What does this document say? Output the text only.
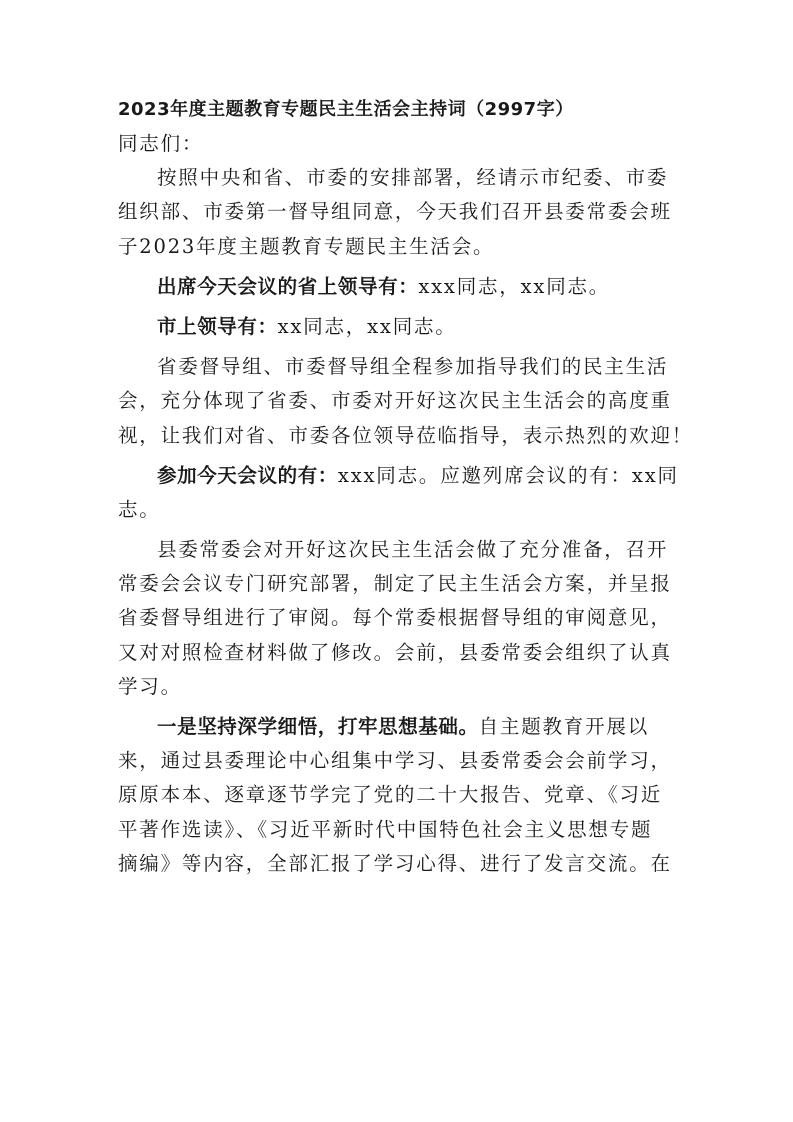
2023年度主题教育专题民主生活会主持词（2997字）
同志们：
按照中央和省、市委的安排部署，经请示市纪委、市委
组织部、市委第一督导组同意，今天我们召开县委常委会班
子2023年度主题教育专题民主生活会。
出席今天会议的省上领导有：xxx同志，xx同志。
市上领导有：xx同志，xx同志。
省委督导组、市委督导组全程参加指导我们的民主生活
会，充分体现了省委、市委对开好这次民主生活会的高度重
视，让我们对省、市委各位领导莅临指导，表示热烈的欢迎！
参加今天会议的有：xxx同志。应邀列席会议的有：xx同
志。
县委常委会对开好这次民主生活会做了充分准备，召开
常委会会议专门研究部署，制定了民主生活会方案，并呈报
省委督导组进行了审阅。每个常委根据督导组的审阅意见，
又对对照检查材料做了修改。会前，县委常委会组织了认真
学习。
一是坚持深学细悟，打牢思想基础。自主题教育开展以
来，通过县委理论中心组集中学习、县委常委会会前学习，
原原本本、逐章逐节学完了党的二十大报告、党章、《习近
平著作选读》、《习近平新时代中国特色社会主义思想专题
摘编》等内容，全部汇报了学习心得、进行了发言交流。在
